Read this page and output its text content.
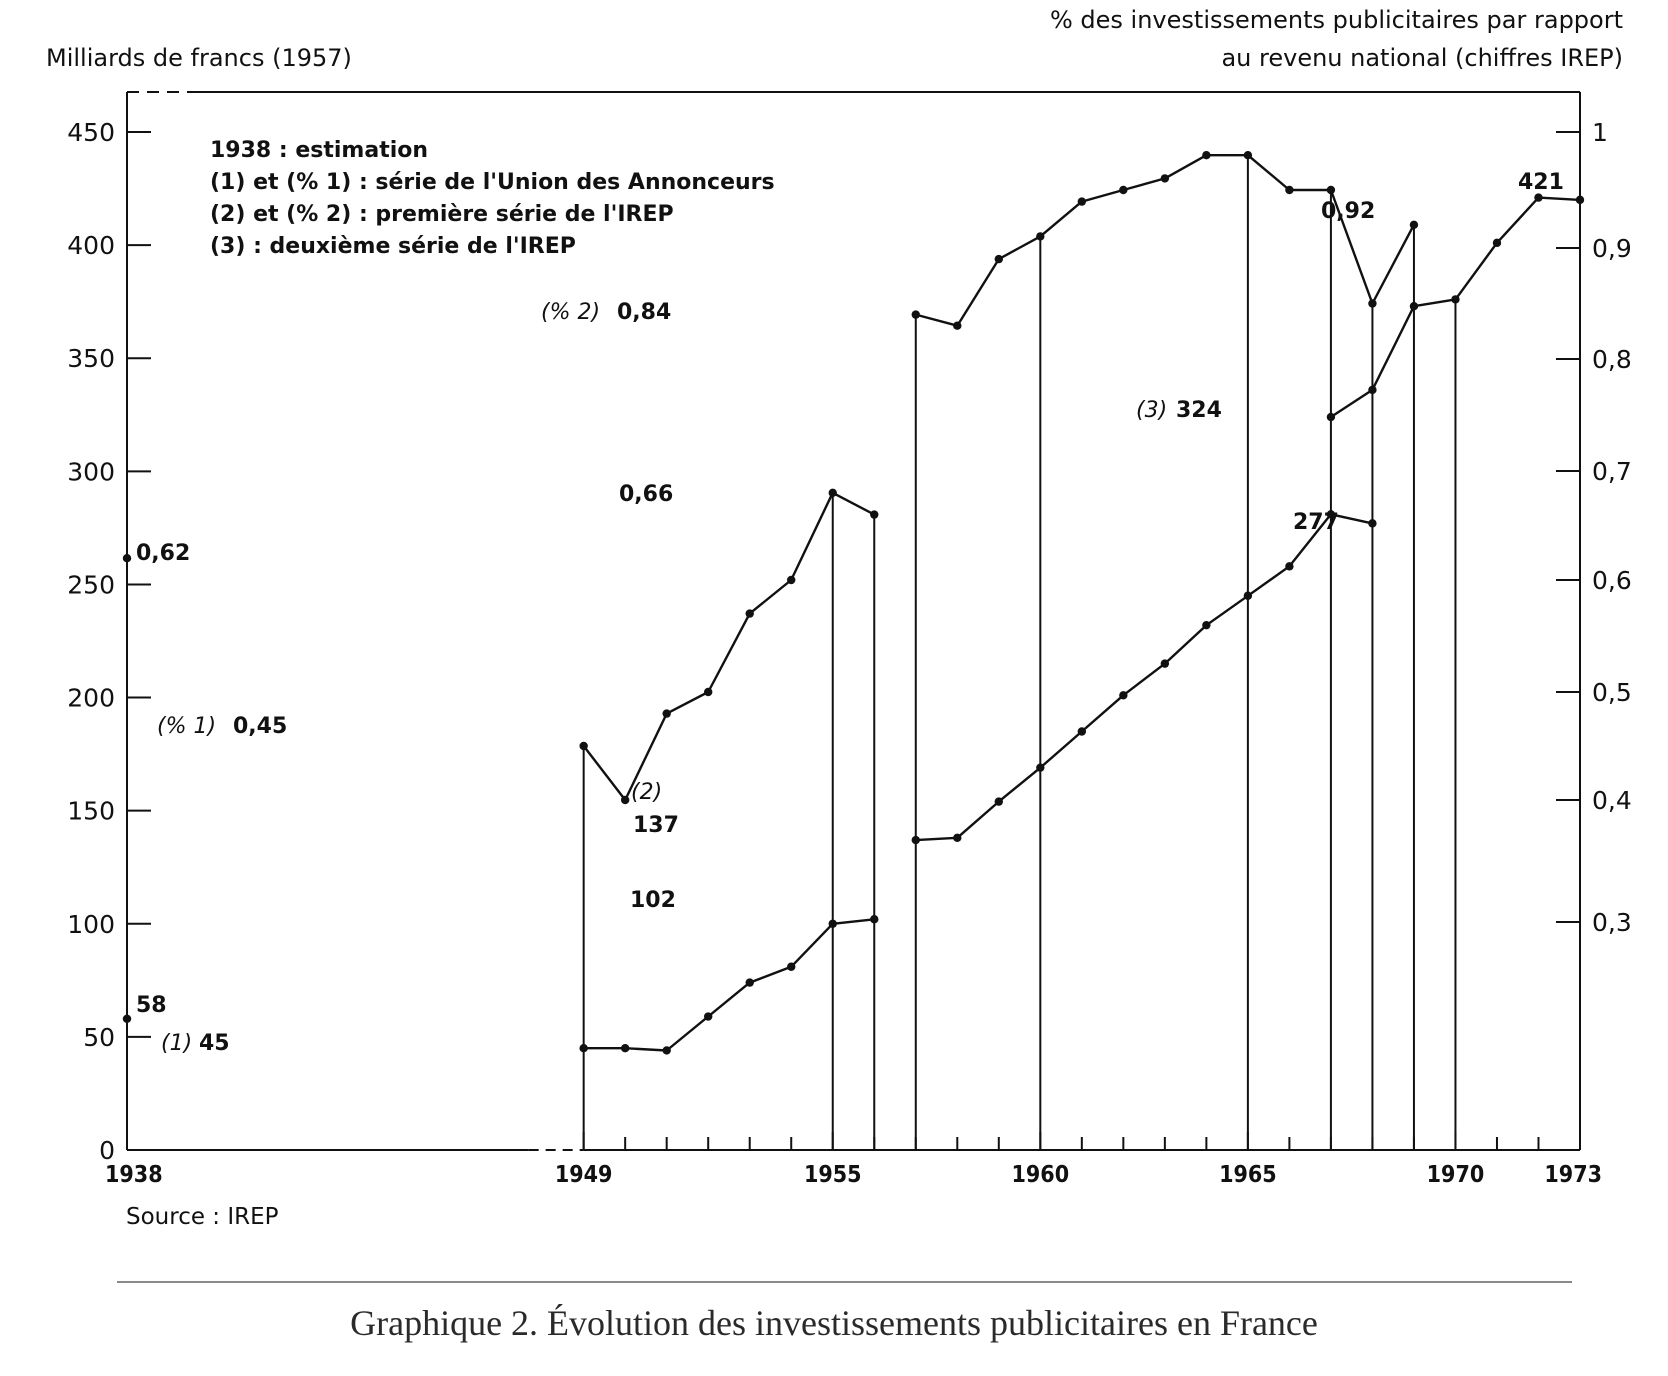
Milliards de francs (1957)
% des investissements publicitaires par rapport
au revenu national (chiffres IREP)
0
50
100
150
200
250
300
350
400
450
0,3
0,4
0,5
0,6
0,7
0,8
0,9
1
1938	1949	1955	1960	1965	1970	1973
1938 : estimation
(1) et (% 1) : série de l'Union des Annonceurs
(2) et (% 2) : première série de l'IREP
(3) : deuxième série de l'IREP
(% 1) 0,45
0,66
(% 2) 0,84
0,92
(1) 45
102
(2)
137
(3) 324
277
421
58
0,62
Source : IREP
Graphique 2. Évolution des investissements publicitaires en France
